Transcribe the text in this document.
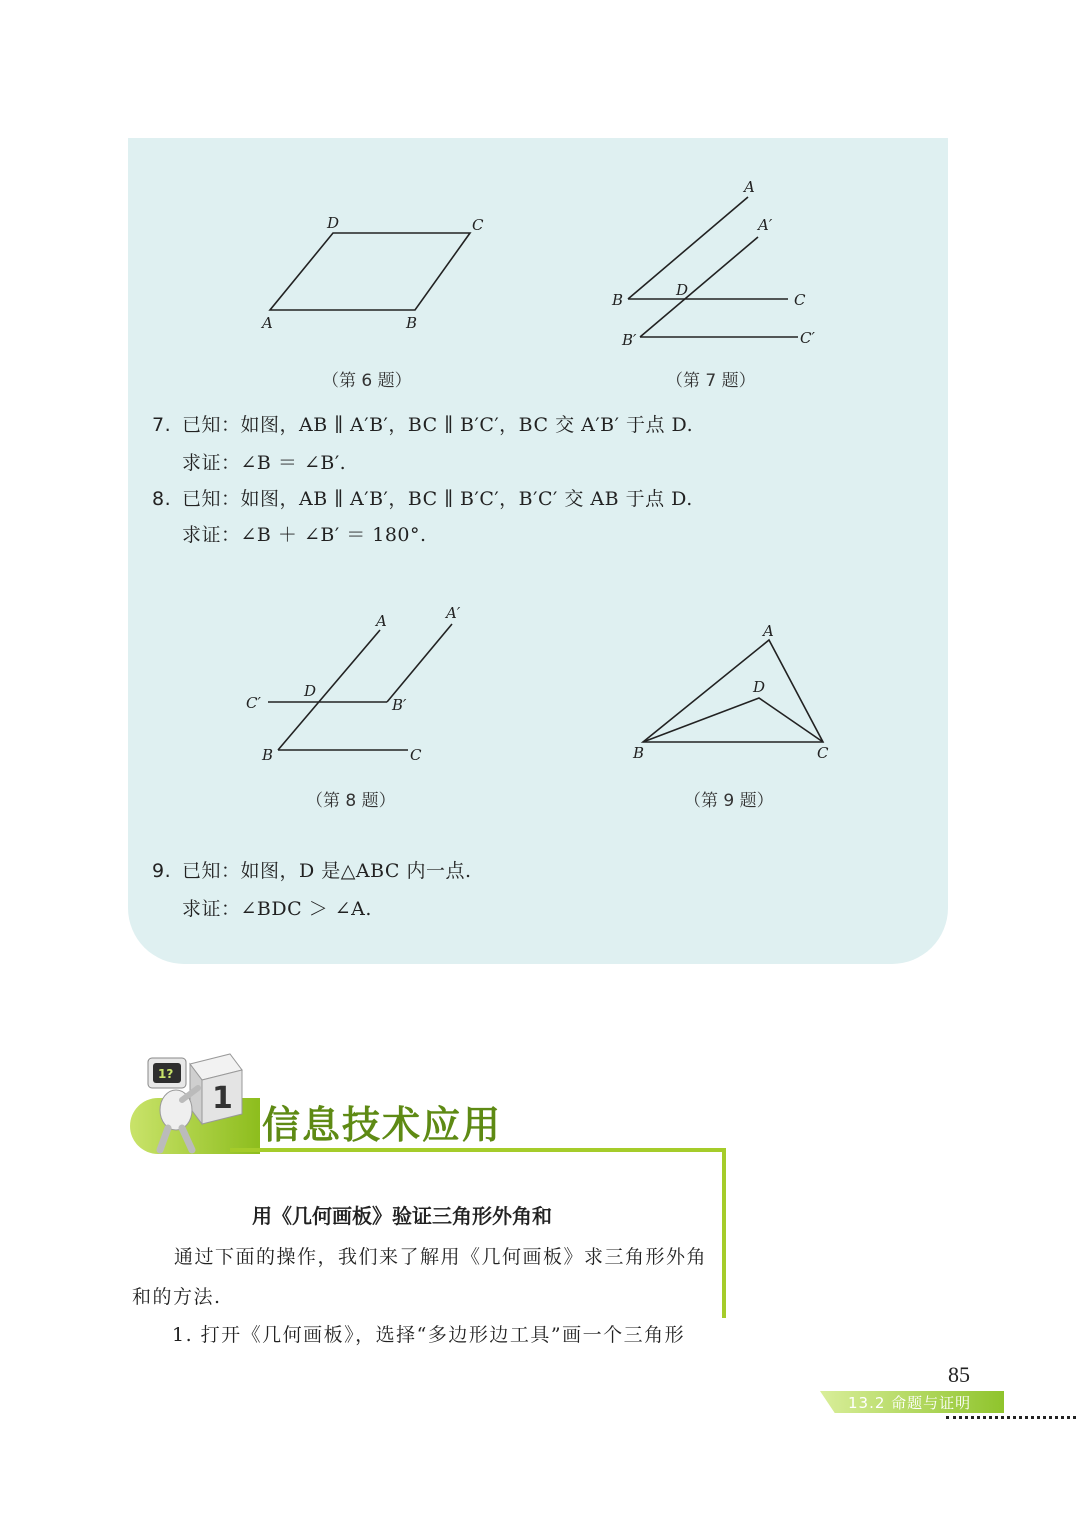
A	B
C
D
（第 6 题）
A
A′
B
D
C
B′	C′
（第 7 题）
7. 已知：如图，AB ∥ A′B′，BC ∥ B′C′，BC 交 A′B′ 于点 D.
求证：∠B ＝ ∠B′.
8. 已知：如图，AB ∥ A′B′，BC ∥ B′C′，B′C′ 交 AB 于点 D.
求证：∠B ＋ ∠B′ ＝ 180°.
A	A′
C′
D
B′
B	C
（第 8 题）
A
D
B	C
（第 9 题）
9. 已知：如图，D 是△ABC 内一点.
求证：∠BDC ＞ ∠A.
1
1?
信息技术应用
用《几何画板》验证三角形外角和
通过下面的操作，我们来了解用《几何画板》求三角形外角
和的方法.
1. 打开《几何画板》，选择“多边形边工具”画一个三角形
85
13.2 命题与证明
